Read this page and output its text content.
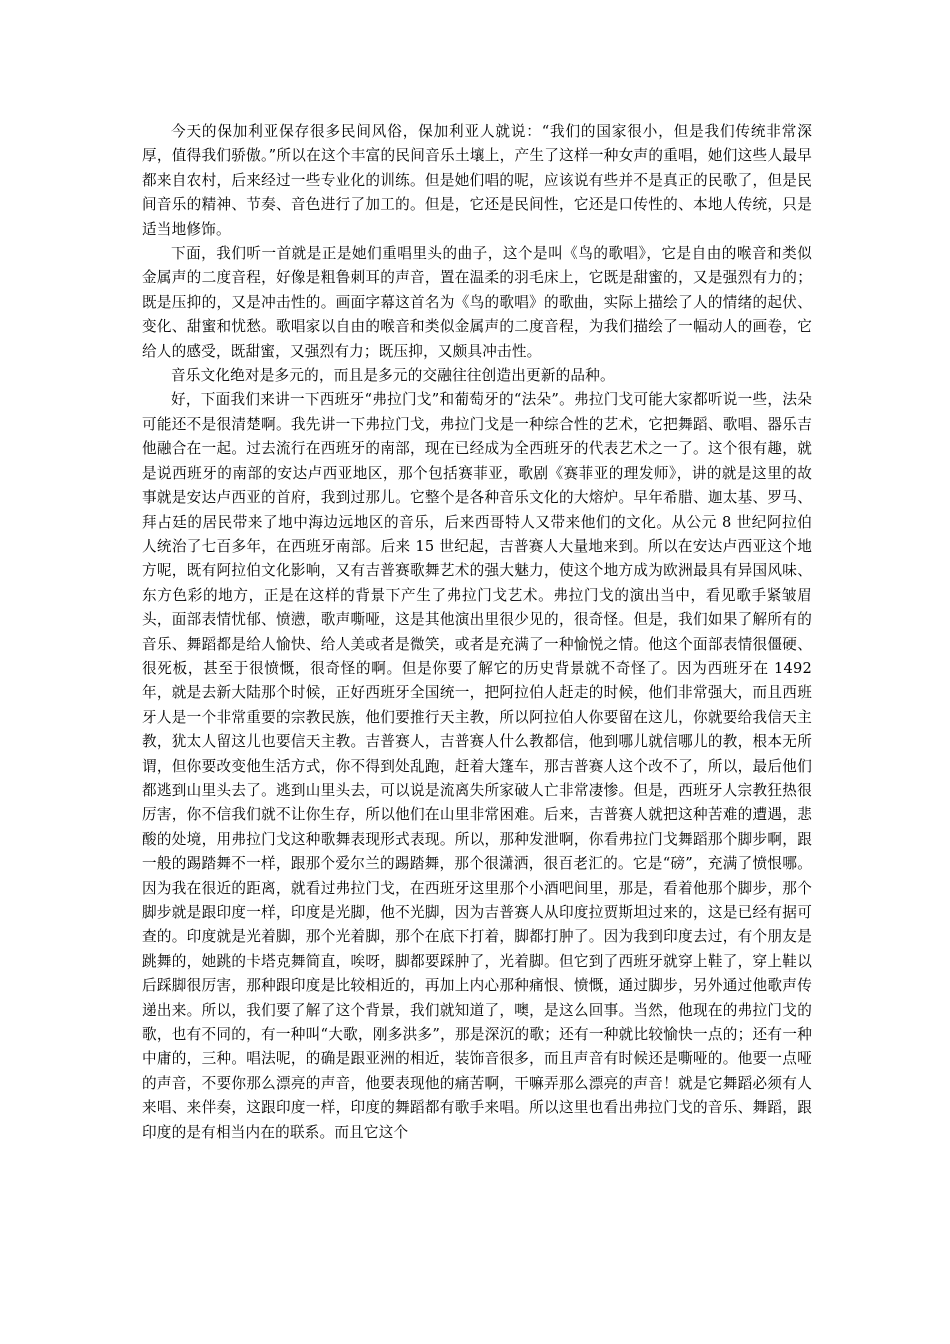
今天的保加利亚保存很多民间风俗，保加利亚人就说：“我们的国家很小，但是我们传统非常深厚，值得我们骄傲。”所以在这个丰富的民间音乐土壤上，产生了这样一种女声的重唱，她们这些人最早都来自农村，后来经过一些专业化的训练。但是她们唱的呢，应该说有些并不是真正的民歌了，但是民间音乐的精神、节奏、音色进行了加工的。但是，它还是民间性，它还是口传性的、本地人传统，只是适当地修饰。

下面，我们听一首就是正是她们重唱里头的曲子，这个是叫《鸟的歌唱》，它是自由的喉音和类似金属声的二度音程，好像是粗鲁刺耳的声音，置在温柔的羽毛床上，它既是甜蜜的，又是强烈有力的；既是压抑的，又是冲击性的。画面字幕这首名为《鸟的歌唱》的歌曲，实际上描绘了人的情绪的起伏、变化、甜蜜和忧愁。歌唱家以自由的喉音和类似金属声的二度音程，为我们描绘了一幅动人的画卷，它给人的感受，既甜蜜，又强烈有力；既压抑，又颇具冲击性。

音乐文化绝对是多元的，而且是多元的交融往往创造出更新的品种。

好，下面我们来讲一下西班牙“弗拉门戈”和葡萄牙的“法朵”。弗拉门戈可能大家都听说一些，法朵可能还不是很清楚啊。我先讲一下弗拉门戈，弗拉门戈是一种综合性的艺术，它把舞蹈、歌唱、器乐吉他融合在一起。过去流行在西班牙的南部，现在已经成为全西班牙的代表艺术之一了。这个很有趣，就是说西班牙的南部的安达卢西亚地区，那个包括赛菲亚，歌剧《赛菲亚的理发师》，讲的就是这里的故事就是安达卢西亚的首府，我到过那儿。它整个是各种音乐文化的大熔炉。早年希腊、迦太基、罗马、拜占廷的居民带来了地中海边远地区的音乐，后来西哥特人又带来他们的文化。从公元 8 世纪阿拉伯人统治了七百多年，在西班牙南部。后来 15 世纪起，吉普赛人大量地来到。所以在安达卢西亚这个地方呢，既有阿拉伯文化影响，又有吉普赛歌舞艺术的强大魅力，使这个地方成为欧洲最具有异国风味、东方色彩的地方，正是在这样的背景下产生了弗拉门戈艺术。弗拉门戈的演出当中，看见歌手紧皱眉头，面部表情忧郁、愤懑，歌声嘶哑，这是其他演出里很少见的，很奇怪。但是，我们如果了解所有的音乐、舞蹈都是给人愉快、给人美或者是微笑，或者是充满了一种愉悦之情。他这个面部表情很僵硬、很死板，甚至于很愤慨，很奇怪的啊。但是你要了解它的历史背景就不奇怪了。因为西班牙在 1492 年，就是去新大陆那个时候，正好西班牙全国统一，把阿拉伯人赶走的时候，他们非常强大，而且西班牙人是一个非常重要的宗教民族，他们要推行天主教，所以阿拉伯人你要留在这儿，你就要给我信天主教，犹太人留这儿也要信天主教。吉普赛人，吉普赛人什么教都信，他到哪儿就信哪儿的教，根本无所谓，但你要改变他生活方式，你不得到处乱跑，赶着大篷车，那吉普赛人这个改不了，所以，最后他们都逃到山里头去了。逃到山里头去，可以说是流离失所家破人亡非常凄惨。但是，西班牙人宗教狂热很厉害，你不信我们就不让你生存，所以他们在山里非常困难。后来，吉普赛人就把这种苦难的遭遇，悲酸的处境，用弗拉门戈这种歌舞表现形式表现。所以，那种发泄啊，你看弗拉门戈舞蹈那个脚步啊，跟一般的踢踏舞不一样，跟那个爱尔兰的踢踏舞，那个很潇洒，很百老汇的。它是“磅”，充满了愤恨哪。因为我在很近的距离，就看过弗拉门戈，在西班牙这里那个小酒吧间里，那是，看着他那个脚步，那个脚步就是跟印度一样，印度是光脚，他不光脚，因为吉普赛人从印度拉贾斯坦过来的，这是已经有据可查的。印度就是光着脚，那个光着脚，那个在底下打着，脚都打肿了。因为我到印度去过，有个朋友是跳舞的，她跳的卡塔克舞简直，唉呀，脚都要踩肿了，光着脚。但它到了西班牙就穿上鞋了，穿上鞋以后踩脚很厉害，那种跟印度是比较相近的，再加上内心那种痛恨、愤慨，通过脚步，另外通过他歌声传递出来。所以，我们要了解了这个背景，我们就知道了，噢，是这么回事。当然，他现在的弗拉门戈的歌，也有不同的，有一种叫“大歌，刚多洪多”，那是深沉的歌；还有一种就比较愉快一点的；还有一种中庸的，三种。唱法呢，的确是跟亚洲的相近，装饰音很多，而且声音有时候还是嘶哑的。他要一点哑的声音，不要你那么漂亮的声音，他要表现他的痛苦啊，干嘛弄那么漂亮的声音！就是它舞蹈必须有人来唱、来伴奏，这跟印度一样，印度的舞蹈都有歌手来唱。所以这里也看出弗拉门戈的音乐、舞蹈，跟印度的是有相当内在的联系。而且它这个
